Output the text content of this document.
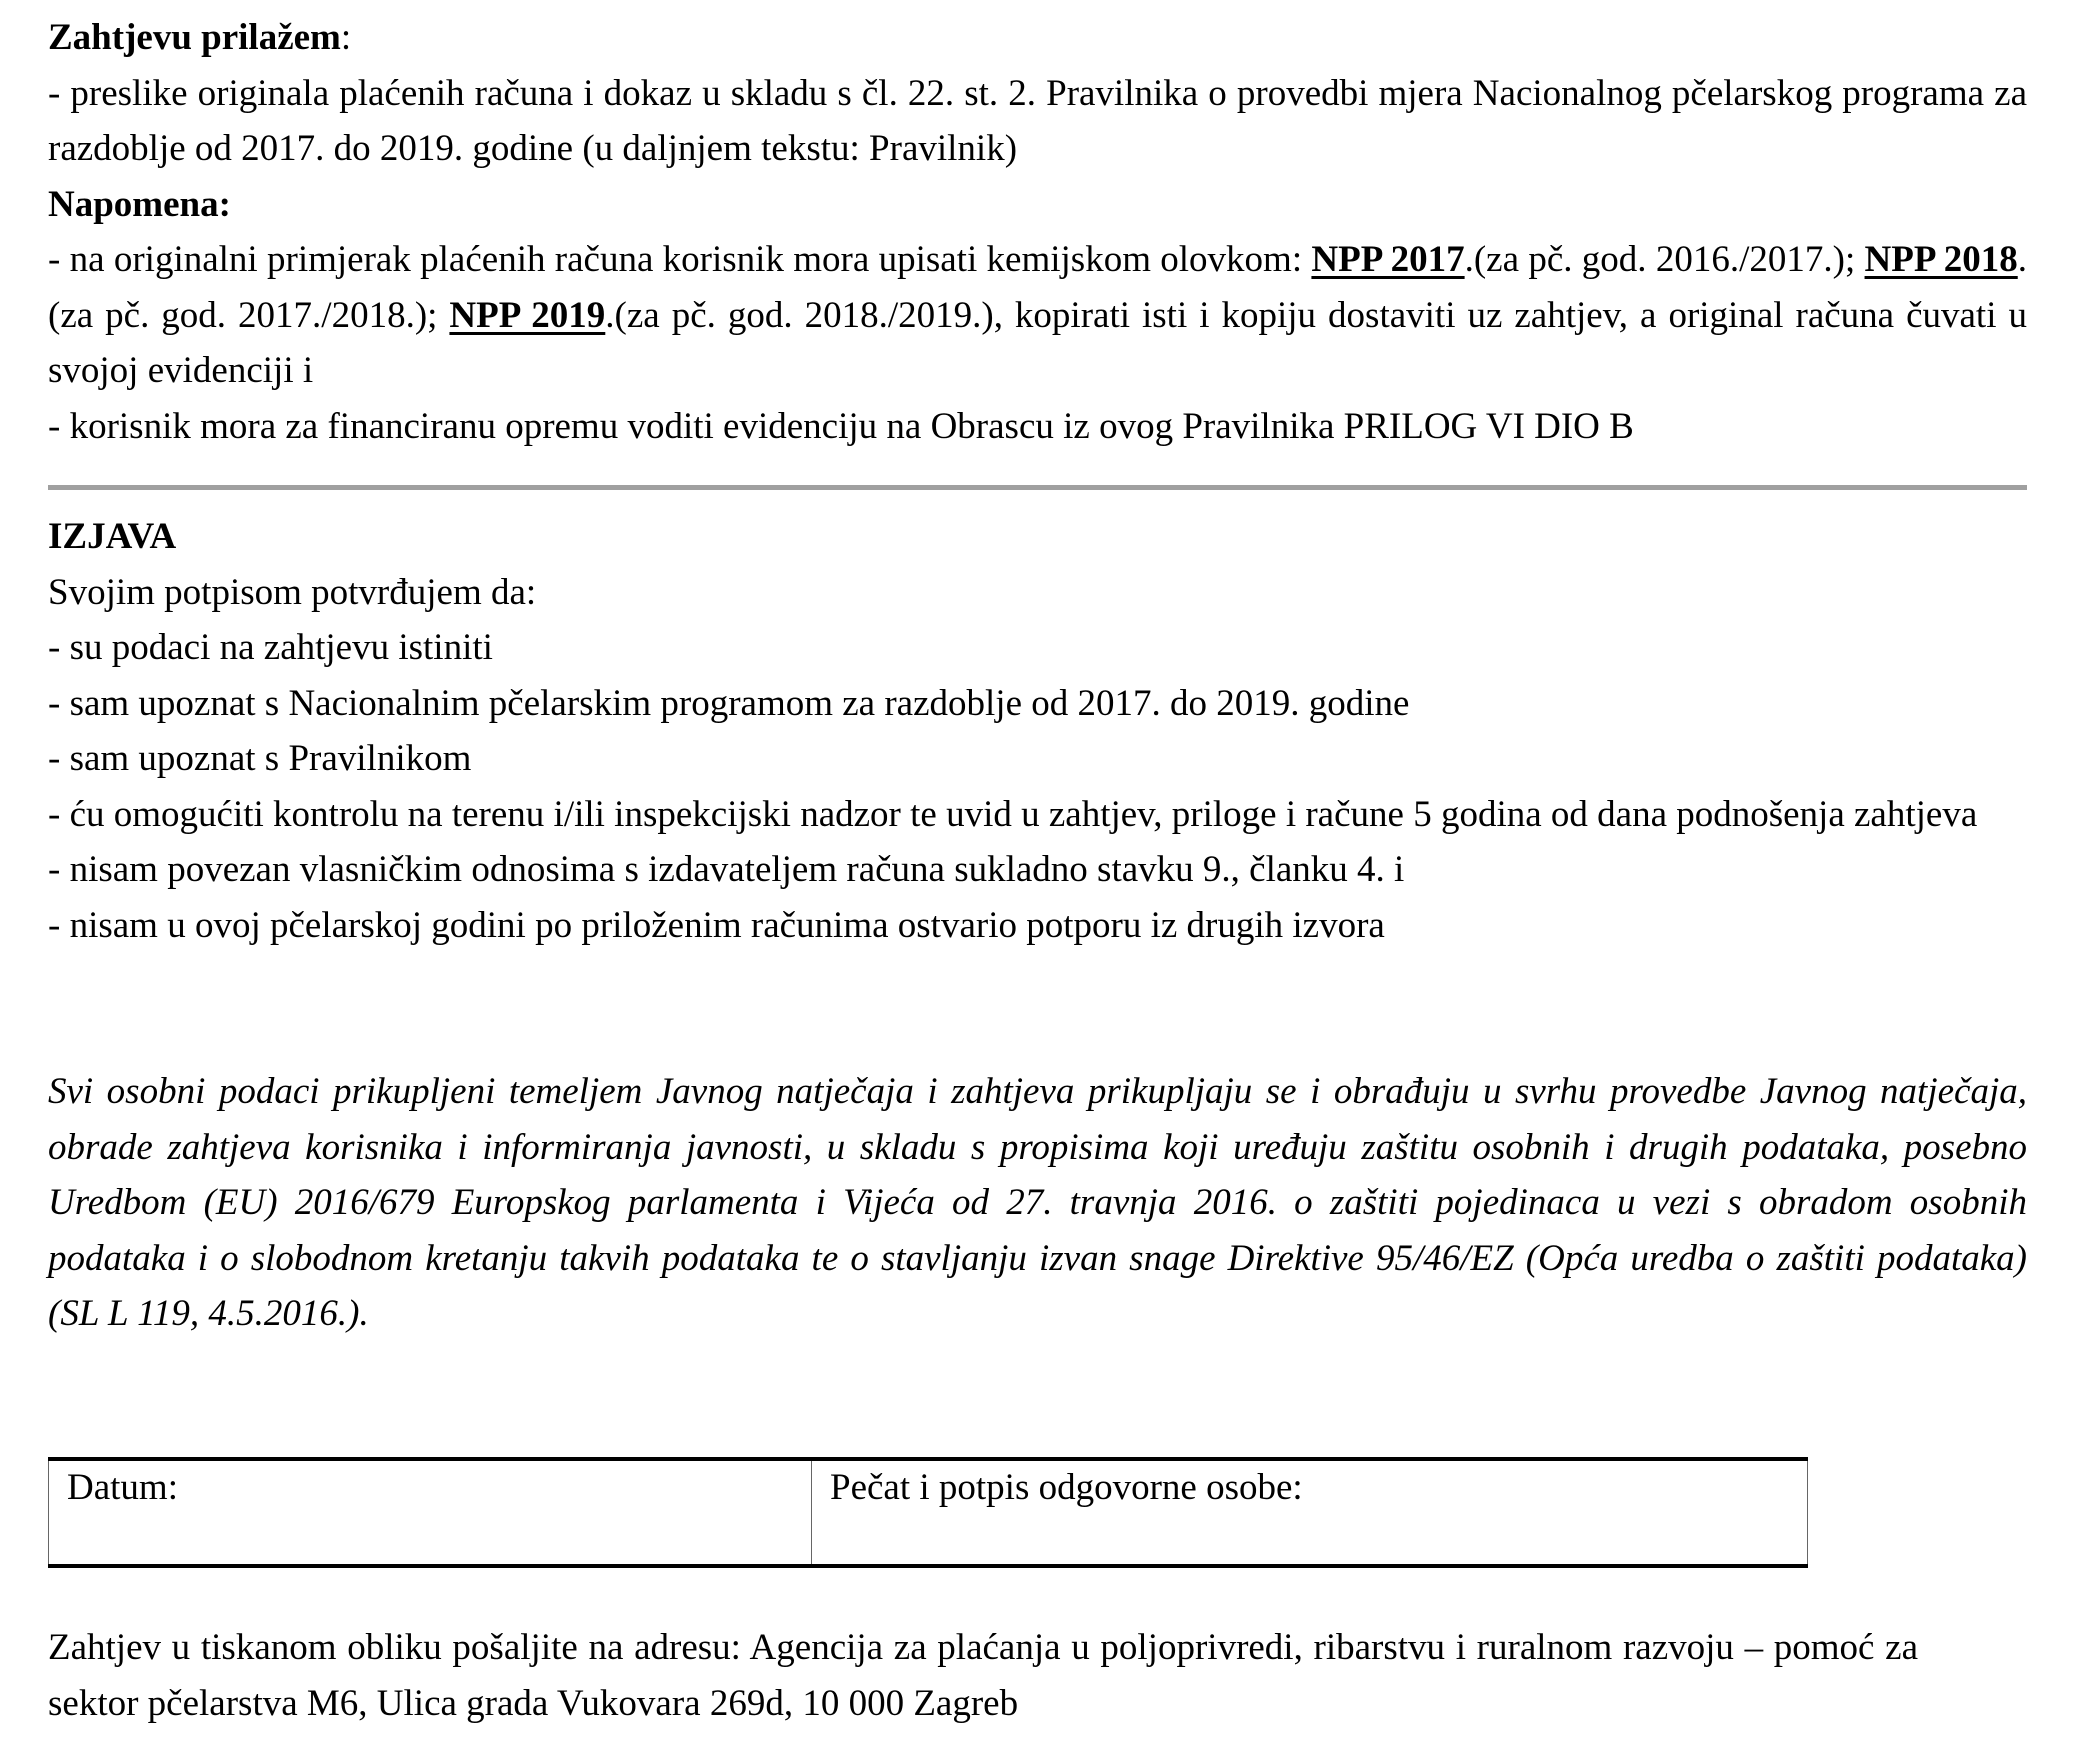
Zahtjevu prilažem:

- preslike originala plaćenih računa i dokaz u skladu s čl. 22. st. 2. Pravilnika o provedbi mjera Nacionalnog pčelarskog programa za razdoblje od 2017. do 2019. godine (u daljnjem tekstu: Pravilnik)

Napomena:

- na originalni primjerak plaćenih računa korisnik mora upisati kemijskom olovkom: NPP 2017.(za pč. god. 2016./2017.); NPP 2018.(za pč. god. 2017./2018.); NPP 2019.(za pč. god. 2018./2019.), kopirati isti i kopiju dostaviti uz zahtjev, a original računa čuvati u svojoj evidenciji i

- korisnik mora za financiranu opremu voditi evidenciju na Obrascu iz ovog Pravilnika PRILOG VI DIO B

IZJAVA

Svojim potpisom potvrđujem da:

- su podaci na zahtjevu istiniti

- sam upoznat s Nacionalnim pčelarskim programom za razdoblje od 2017. do 2019. godine

- sam upoznat s Pravilnikom

- ću omogućiti kontrolu na terenu i/ili inspekcijski nadzor te uvid u zahtjev, priloge i račune 5 godina od dana podnošenja zahtjeva

- nisam povezan vlasničkim odnosima s izdavateljem računa sukladno stavku 9., članku 4. i

- nisam u ovoj pčelarskoj godini po priloženim računima ostvario potporu iz drugih izvora

Svi osobni podaci prikupljeni temeljem Javnog natječaja i zahtjeva prikupljaju se i obrađuju u svrhu provedbe Javnog natječaja, obrade zahtjeva korisnika i informiranja javnosti, u skladu s propisima koji uređuju zaštitu osobnih i drugih podataka, posebno Uredbom (EU) 2016/679 Europskog parlamenta i Vijeća od 27. travnja 2016. o zaštiti pojedinaca u vezi s obradom osobnih podataka i o slobodnom kretanju takvih podataka te o stavljanju izvan snage Direktive 95/46/EZ (Opća uredba o zaštiti podataka) (SL L 119, 4.5.2016.).
Datum:	Pečat i potpis odgovorne osobe:
Zahtjev u tiskanom obliku pošaljite na adresu: Agencija za plaćanja u poljoprivredi, ribarstvu i ruralnom razvoju – pomoć za sektor pčelarstva M6, Ulica grada Vukovara 269d, 10 000 Zagreb
